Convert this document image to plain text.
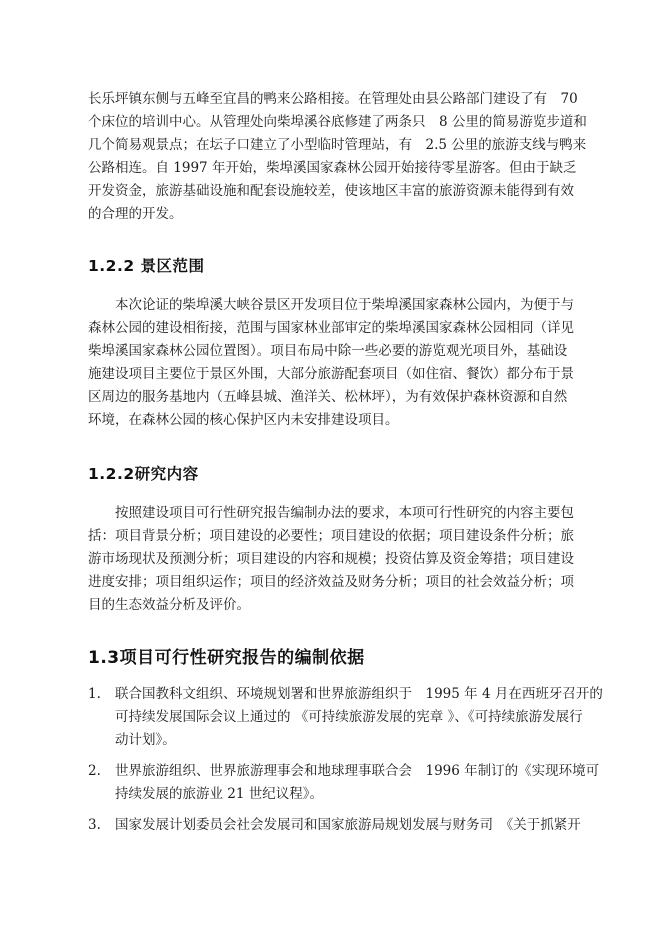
长乐坪镇东侧与五峰至宜昌的鸭来公路相接。在管理处由县公路部门建设了有　70
个床位的培训中心。从管理处向柴埠溪谷底修建了两条只　8 公里的简易游览步道和
几个简易观景点；在坛子口建立了小型临时管理站，有　2.5 公里的旅游支线与鸭来
公路相连。自 1997 年开始，柴埠溪国家森林公园开始接待零星游客。但由于缺乏
开发资金，旅游基础设施和配套设施较差，使该地区丰富的旅游资源未能得到有效
的合理的开发。
1.2.2 景区范围
本次论证的柴埠溪大峡谷景区开发项目位于柴埠溪国家森林公园内，为便于与
森林公园的建设相衔接，范围与国家林业部审定的柴埠溪国家森林公园相同（详见
柴埠溪国家森林公园位置图）。项目布局中除一些必要的游览观光项目外，基础设
施建设项目主要位于景区外围，大部分旅游配套项目（如住宿、餐饮）都分布于景
区周边的服务基地内（五峰县城、渔洋关、松林坪），为有效保护森林资源和自然
环境，在森林公园的核心保护区内未安排建设项目。
1.2.2研究内容
按照建设项目可行性研究报告编制办法的要求，本项可行性研究的内容主要包
括：项目背景分析；项目建设的必要性；项目建设的依据；项目建设条件分析；旅
游市场现状及预测分析；项目建设的内容和规模；投资估算及资金筹措；项目建设
进度安排；项目组织运作；项目的经济效益及财务分析；项目的社会效益分析；项
目的生态效益分析及评价。
1.3项目可行性研究报告的编制依据
1. 联合国教科文组织、环境规划署和世界旅游组织于　1995 年 4 月在西班牙召开的
可持续发展国际会议上通过的 《可持续旅游发展的宪章 》、《可持续旅游发展行
动计划》。
2. 世界旅游组织、世界旅游理事会和地球理事联合会　1996 年制订的《实现环境可
持续发展的旅游业 21 世纪议程》。
3. 国家发展计划委员会社会发展司和国家旅游局规划发展与财务司　《关于抓紧开
